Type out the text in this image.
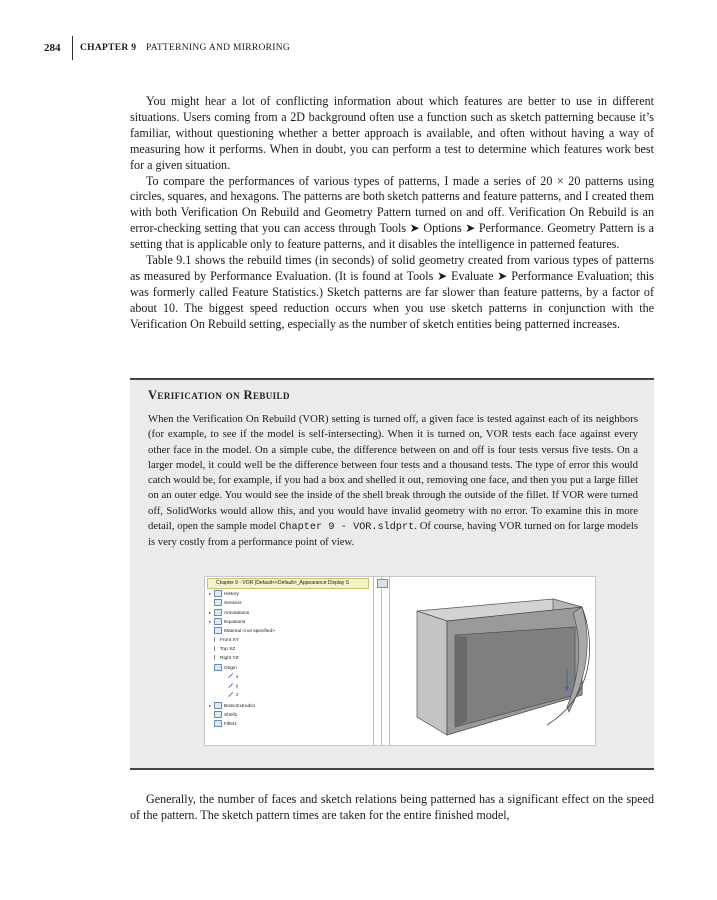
284 CHAPTER 9 PATTERNING AND MIRRORING

You might hear a lot of conflicting information about which features are better to use in different situations. Users coming from a 2D background often use a function such as sketch patterning because it’s familiar, without questioning whether a better approach is available, and often without having a way of measuring how it performs. When in doubt, you can perform a test to determine which features work best for a given situation.

To compare the performances of various types of patterns, I made a series of 20 × 20 patterns using circles, squares, and hexagons. The patterns are both sketch patterns and feature patterns, and I created them with both Verification On Rebuild and Geometry Pattern turned on and off. Verification On Rebuild is an error-checking setting that you can access through Tools ➤ Options ➤ Performance. Geometry Pattern is a setting that is applicable only to feature patterns, and it disables the intelligence in patterned features.

Table 9.1 shows the rebuild times (in seconds) of solid geometry created from various types of patterns as measured by Performance Evaluation. (It is found at Tools ➤ Evaluate ➤ Performance Evaluation; this was formerly called Feature Statistics.) Sketch patterns are far slower than feature patterns, by a factor of about 10. The biggest speed reduction occurs when you use sketch patterns in conjunction with the Verification On Rebuild setting, especially as the number of sketch entities being patterned increases.

Verification on Rebuild
When the Verification On Rebuild (VOR) setting is turned off, a given face is tested against each of its neighbors (for example, to see if the model is self-intersecting). When it is turned on, VOR tests each face against every other face in the model. On a simple cube, the difference between on and off is four tests versus five tests. On a larger model, it could well be the difference between four tests and a thousand tests. The type of error this would catch would be, for example, if you had a box and shelled it out, removing one face, and then you put a large fillet on an outer edge. You would see the inside of the shell break through the outside of the fillet. If VOR were turned off, SolidWorks would allow this, and you would have invalid geometry with no error. To examine this in more detail, open the sample model Chapter 9 - VOR.sldprt. Of course, having VOR turned on for large models is very costly from a performance point of view.
Chapter 9 - VOR (Default<<Default>_Appearance Display S
▸	History
Sensors
▸	Annotations
▸	Equations
Material <not specified>
Front XY
Top XZ
Right YZ
Origin
x
y
z
▸	Boss-Extrude1
Shell1
Fillet1

Generally, the number of faces and sketch relations being patterned has a significant effect on the speed of the pattern. The sketch pattern times are taken for the entire finished model,
